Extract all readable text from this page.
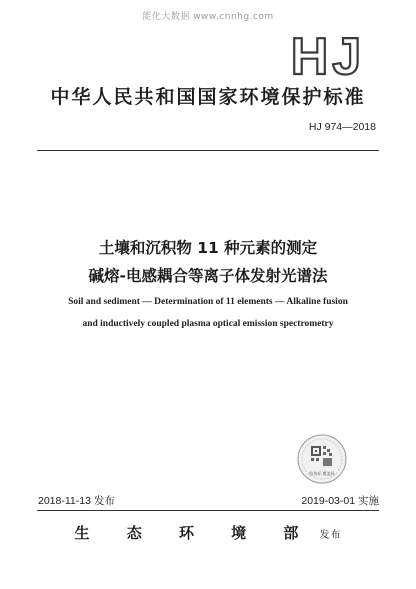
能化大数据 www.cnnhg.com
HJ
中华人民共和国国家环境保护标准
HJ 974—2018
土壤和沉积物 11 种元素的测定
碱熔-电感耦合等离子体发射光谱法
Soil and sediment — Determination of 11 elements — Alkaline fusion
and inductively coupled plasma optical emission spectrometry
防伪标 覆盖码
2018-11-13 发布	2019-03-01 实施
生 态 环 境 部 发布
